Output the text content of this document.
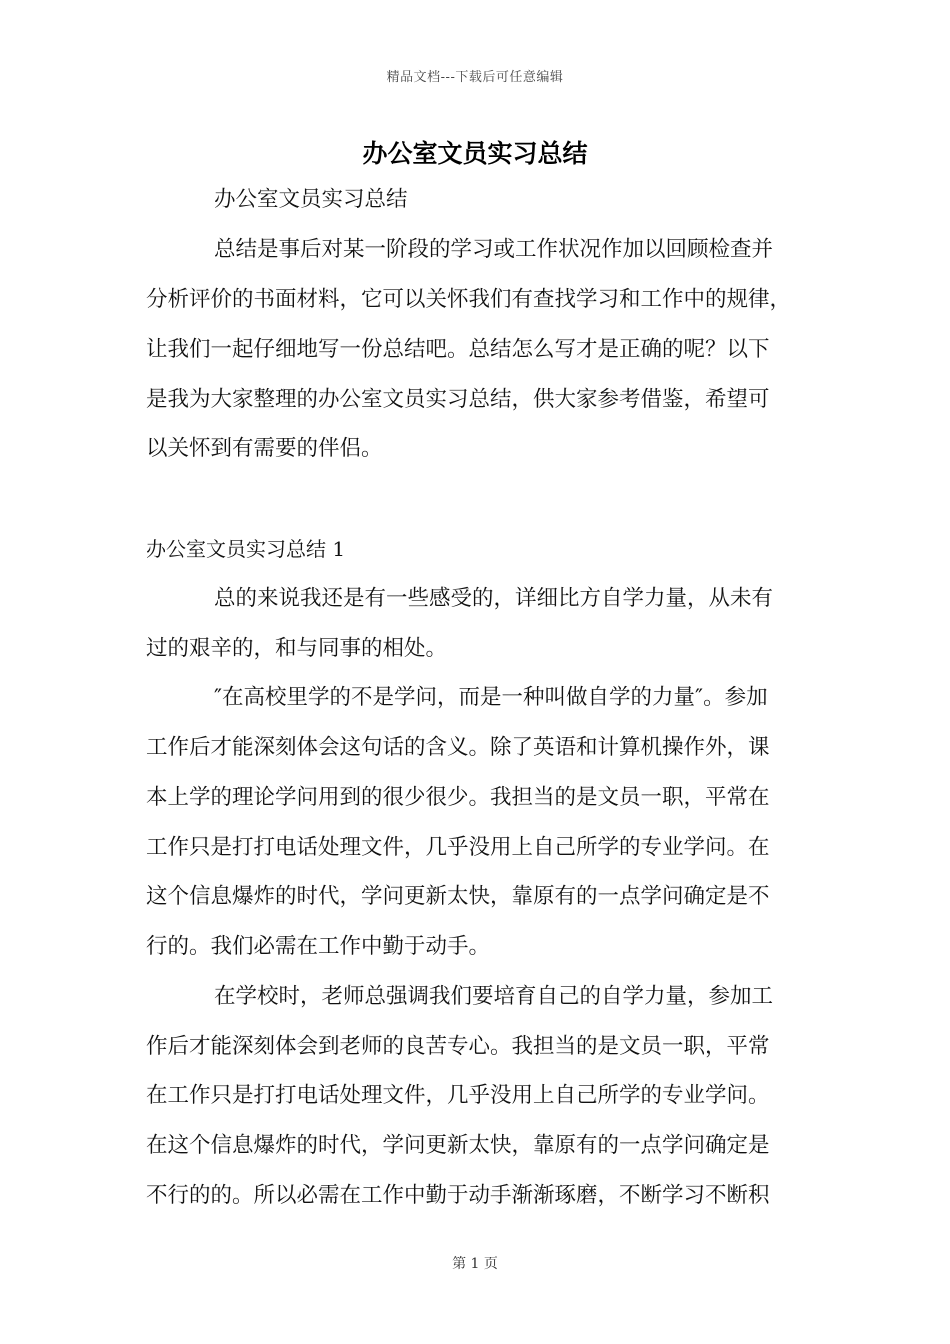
精品文档---下载后可任意编辑
办公室文员实习总结
办公室文员实习总结
总结是事后对某一阶段的学习或工作状况作加以回顾检查并
分析评价的书面材料，它可以关怀我们有查找学习和工作中的规律，
让我们一起仔细地写一份总结吧。总结怎么写才是正确的呢？以下
是我为大家整理的办公室文员实习总结，供大家参考借鉴，希望可
以关怀到有需要的伴侣。
办公室文员实习总结 1
总的来说我还是有一些感受的，详细比方自学力量，从未有
过的艰辛的，和与同事的相处。
″在高校里学的不是学问，而是一种叫做自学的力量″。参加
工作后才能深刻体会这句话的含义。除了英语和计算机操作外，课
本上学的理论学问用到的很少很少。我担当的是文员一职，平常在
工作只是打打电话处理文件，几乎没用上自己所学的专业学问。在
这个信息爆炸的时代，学问更新太快，靠原有的一点学问确定是不
行的。我们必需在工作中勤于动手。
在学校时，老师总强调我们要培育自己的自学力量，参加工
作后才能深刻体会到老师的良苦专心。我担当的是文员一职，平常
在工作只是打打电话处理文件，几乎没用上自己所学的专业学问。
在这个信息爆炸的时代，学问更新太快，靠原有的一点学问确定是
不行的的。所以必需在工作中勤于动手渐渐琢磨，不断学习不断积
第 1 页
